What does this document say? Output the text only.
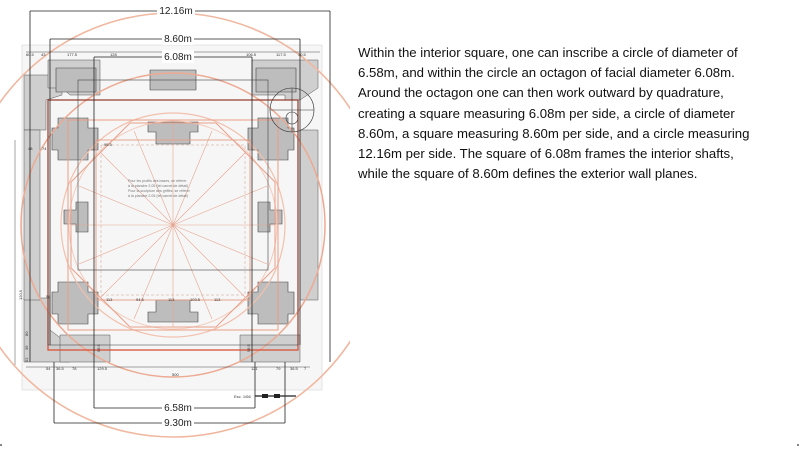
12.16m
8.60m
6.08m
6.58m
9.30m
60.5 43	177.5	128	106.5	117.5	30.5
48 74
120.5	58
80
36
52
54 36.5 78	129.5	121	79 36.5 7
113	94.5	113	103.5	113
95.5
58.5	58.5
500
Esc. 1/66
Pour les profils des bases, se référer
à la planche 2.05 (tel carnet de détail)
Pour la sculpture des griffes, se référer
à la planche 2.05 (tel carnet de détail)

Within the interior square, one can inscribe a circle of diameter of 6.58m, and within the circle an octagon of facial diameter 6.08m. Around the octagon one can then work outward by quadrature, creating a square measuring 6.08m per side, a circle of diameter 8.60m, a square measuring 8.60m per side, and a circle measuring 12.16m per side. The square of 6.08m frames the interior shafts, while the square of 8.60m defines the exterior wall planes.
